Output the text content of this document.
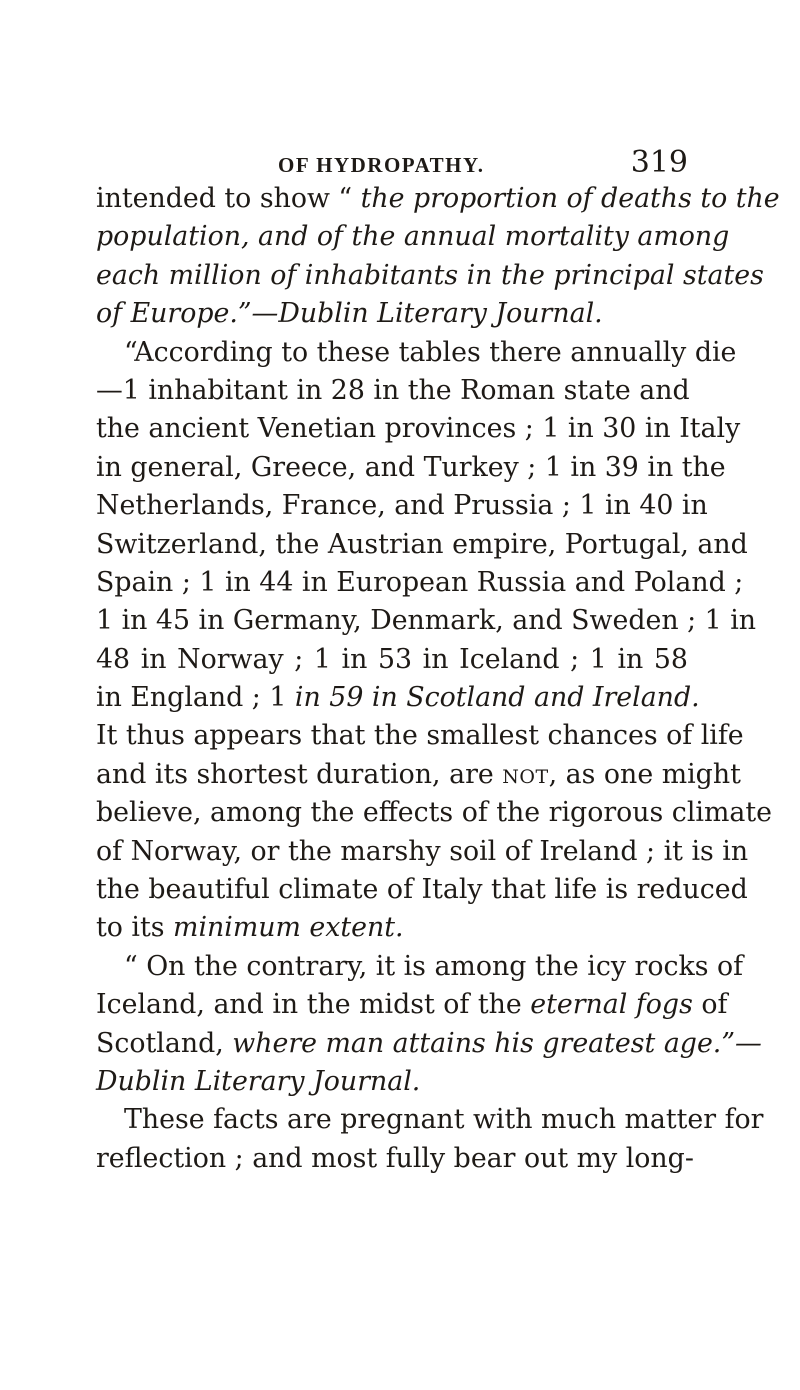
OF HYDROPATHY.	319
intended to show “ the proportion of deaths to the
population, and of the annual mortality among
each million of inhabitants in the principal states
of Europe.”—Dublin Literary Journal.
“According to these tables there annually die
—1 inhabitant in 28 in the Roman state and
the ancient Venetian provinces ; 1 in 30 in Italy
in general, Greece, and Turkey ; 1 in 39 in the
Netherlands, France, and Prussia ; 1 in 40 in
Switzerland, the Austrian empire, Portugal, and
Spain ; 1 in 44 in European Russia and Poland ;
1 in 45 in Germany, Denmark, and Sweden ; 1 in
48 in Norway ; 1 in 53 in Iceland ; 1 in 58
in England ; 1 in 59 in Scotland and Ireland.
It thus appears that the smallest chances of life
and its shortest duration, are not, as one might
believe, among the effects of the rigorous climate
of Norway, or the marshy soil of Ireland ; it is in
the beautiful climate of Italy that life is reduced
to its minimum extent.
“ On the contrary, it is among the icy rocks of
Iceland, and in the midst of the eternal fogs of
Scotland, where man attains his greatest age.”—
Dublin Literary Journal.
These facts are pregnant with much matter for
reflection ; and most fully bear out my long-
